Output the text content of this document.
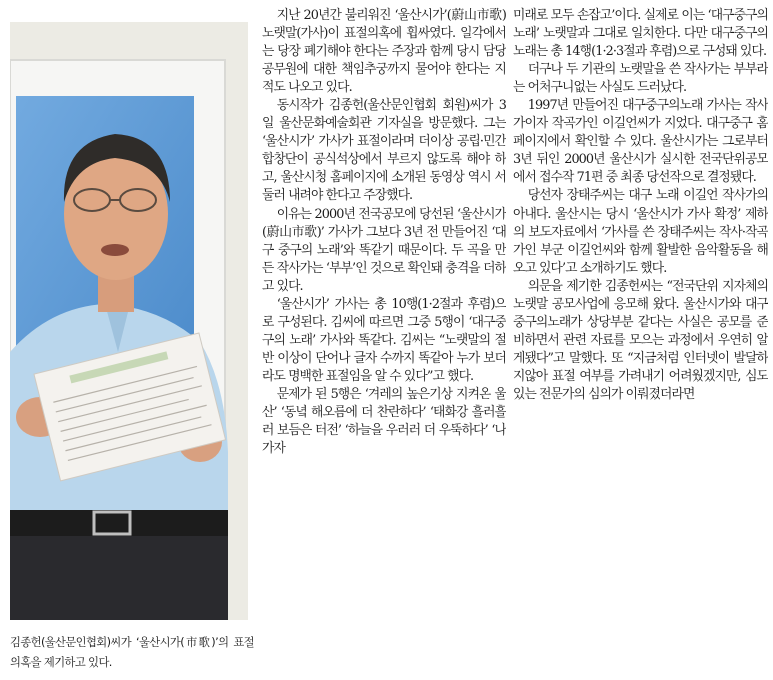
김종헌(울산문인협회)씨가 ‘울산시가(市歌)’의 표절의혹을 제기하고 있다.

지난 20년간 불리워진 ‘울산시가’(蔚山市歌) 노랫말(가사)이 표절의혹에 휩싸였다. 일각에서는 당장 폐기해야 한다는 주장과 함께 당시 담당공무원에 대한 책임추궁까지 물어야 한다는 지적도 나오고 있다.

동시작가 김종헌(울산문인협회 회원)씨가 3일 울산문화예술회관 기자실을 방문했다. 그는 ‘울산시가’ 가사가 표절이라며 더이상 공립·민간합창단이 공식석상에서 부르지 않도록 해야 하고, 울산시청 홈페이지에 소개된 동영상 역시 서둘러 내려야 한다고 주장했다.

이유는 2000년 전국공모에 당선된 ‘울산시가(蔚山市歌)’ 가사가 그보다 3년 전 만들어진 ‘대구 중구의 노래’와 똑같기 때문이다. 두 곡을 만든 작사가는 ‘부부’인 것으로 확인돼 충격을 더하고 있다.

‘울산시가’ 가사는 총 10행(1·2절과 후렴)으로 구성된다. 김씨에 따르면 그중 5행이 ‘대구중구의 노래’ 가사와 똑같다. 김씨는 “노랫말의 절반 이상이 단어나 글자 수까지 똑같아 누가 보더라도 명백한 표절임을 알 수 있다”고 했다.

문제가 된 5행은 ‘겨레의 높은기상 지켜온 울산’ ‘동녘 해오름에 더 찬란하다’ ‘태화강 흘러흘러 보듬은 터전’ ‘하늘을 우러러 더 우뚝하다’ ‘나가자

미래로 모두 손잡고’이다. 실제로 이는 ‘대구중구의 노래’ 노랫말과 그대로 일치한다. 다만 대구중구의 노래는 총 14행(1·2·3절과 후렴)으로 구성돼 있다.

더구나 두 기관의 노랫말을 쓴 작사가는 부부라는 어처구니없는 사실도 드러났다.

1997년 만들어진 대구중구의노래 가사는 작사가이자 작곡가인 이길언씨가 지었다. 대구중구 홈페이지에서 확인할 수 있다. 울산시가는 그로부터 3년 뒤인 2000년 울산시가 실시한 전국단위공모에서 접수작 71편 중 최종 당선작으로 결정됐다.

당선자 장태주씨는 대구 노래 이길언 작사가의 아내다. 울산시는 당시 ‘울산시가 가사 확정’ 제하의 보도자료에서 ‘가사를 쓴 장태주씨는 작사·작곡가인 부군 이길언씨와 함께 활발한 음악활동을 해오고 있다’고 소개하기도 했다.

의문을 제기한 김종헌씨는 “전국단위 지자체의 노랫말 공모사업에 응모해 왔다. 울산시가와 대구중구의노래가 상당부분 같다는 사실은 공모를 준비하면서 관련 자료를 모으는 과정에서 우연히 알게됐다”고 말했다. 또 “지금처럼 인터넷이 발달하지않아 표절 여부를 가려내기 어려웠겠지만, 심도 있는 전문가의 심의가 이뤄졌더라면
